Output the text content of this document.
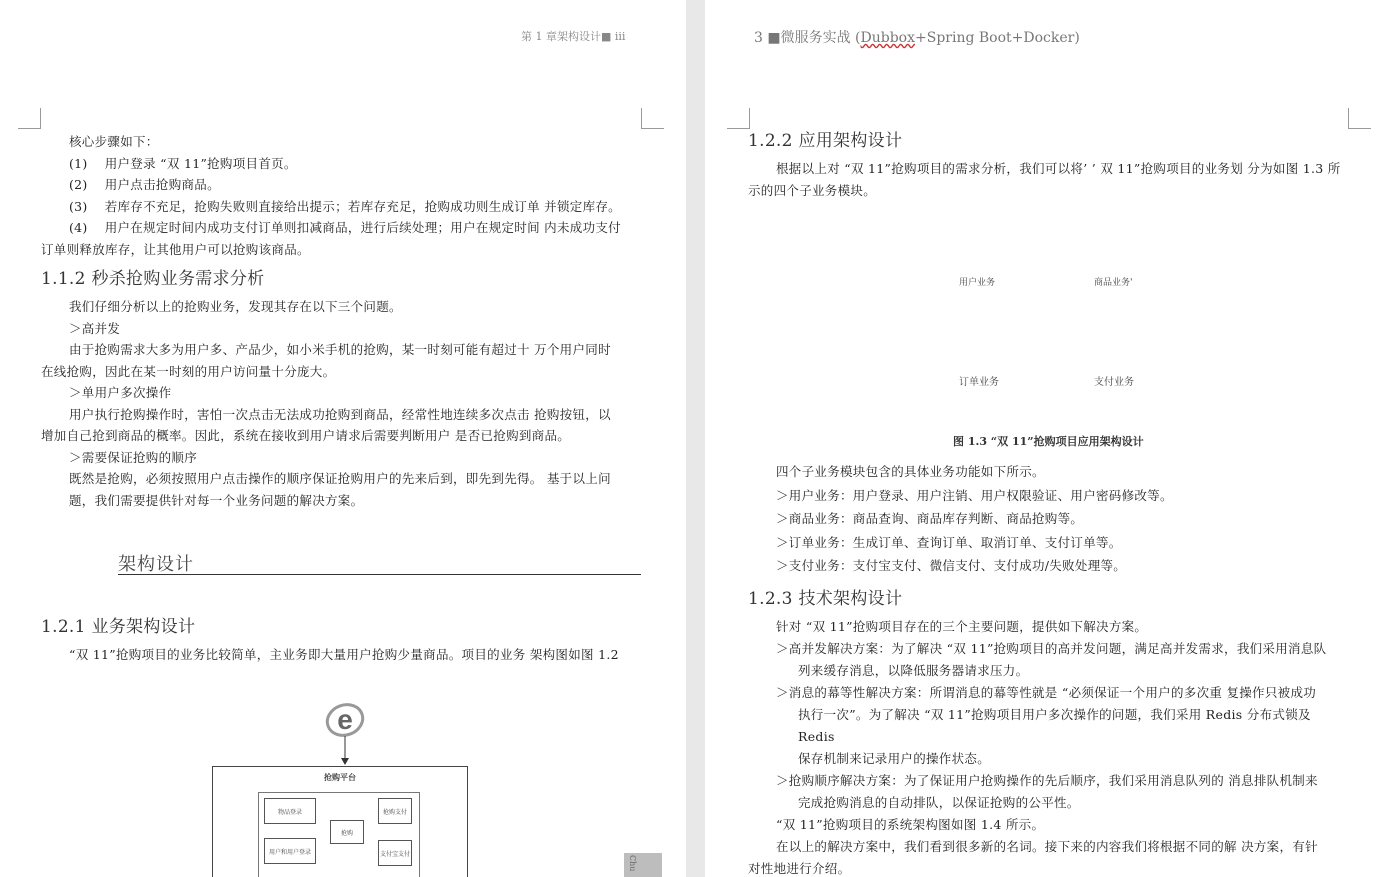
第 1 章架构设计■ ⅲ

核心步骤如下：

(1) 用户登录 “双 11”抢购项目首页。

(2) 用户点击抢购商品。

(3) 若库存不充足，抢购失败则直接给出提示；若库存充足，抢购成功则生成订单 并锁定库存。

(4) 用户在规定时间内成功支付订单则扣减商品，进行后续处理；用户在规定时间 内未成功支付

订单则释放库存，让其他用户可以抢购该商品。

1.1.2 秒杀抢购业务需求分析

我们仔细分析以上的抢购业务，发现其存在以下三个问题。

＞高并发

由于抢购需求大多为用户多、产品少，如小米手机的抢购，某一时刻可能有超过十 万个用户同时

在线抢购，因此在某一时刻的用户访问量十分庞大。

＞单用户多次操作

用户执行抢购操作时，害怕一次点击无法成功抢购到商品，经常性地连续多次点击 抢购按钮，以

增加自己抢到商品的概率。因此，系统在接收到用户请求后需要判断用户 是否已抢购到商品。

＞需要保证抢购的顺序

既然是抢购，必须按照用户点击操作的顺序保证抢购用户的先来后到，即先到先得。 基于以上问

题，我们需要提供针对每一个业务问题的解决方案。

架构设计
1.2.1 业务架构设计

“双 11”抢购项目的业务比较简单，主业务即大量用户抢购少量商品。项目的业务 架构图如图 1.2

e
抢购平台
物品登录	抢购支付
抢购
用户和用户登录	支付宝支付
Chu
3 ■微服务实战 (Dubbox+Spring Boot+Docker)
1.2.2 应用架构设计

根据以上对 “双 11”抢购项目的需求分析，我们可以将’ ’ 双 11”抢购项目的业务划 分为如图 1.3 所

示的四个子业务模块。

用户业务	商品业务'
订单业务	支付业务
图 1.3 “双 11”抢购项目应用架构设计

四个子业务模块包含的具体业务功能如下所示。

＞用户业务：用户登录、用户注销、用户权限验证、用户密码修改等。

＞商品业务：商品查询、商品库存判断、商品抢购等。

＞订单业务：生成订单、查询订单、取消订单、支付订单等。

＞支付业务：支付宝支付、微信支付、支付成功/失败处理等。

1.2.3 技术架构设计

针对 “双 11”抢购项目存在的三个主要问题，提供如下解决方案。

＞高并发解决方案：为了解决 “双 11”抢购项目的高并发问题，满足高并发需求，我们采用消息队

列来缓存消息，以降低服务器请求压力。

＞消息的幕等性解决方案：所谓消息的幕等性就是 “必须保证一个用户的多次重 复操作只被成功

执行一次”。为了解决 “双 11”抢购项目用户多次操作的问题，我们采用 Redis 分布式锁及 Redis

保存机制来记录用户的操作状态。

＞抢购顺序解决方案：为了保证用户抢购操作的先后顺序，我们采用消息队列的 消息排队机制来

完成抢购消息的自动排队，以保证抢购的公平性。

“双 11”抢购项目的系统架构图如图 1.4 所示。

在以上的解决方案中，我们看到很多新的名词。接下来的内容我们将根据不同的解 决方案，有针

对性地进行介绍。
